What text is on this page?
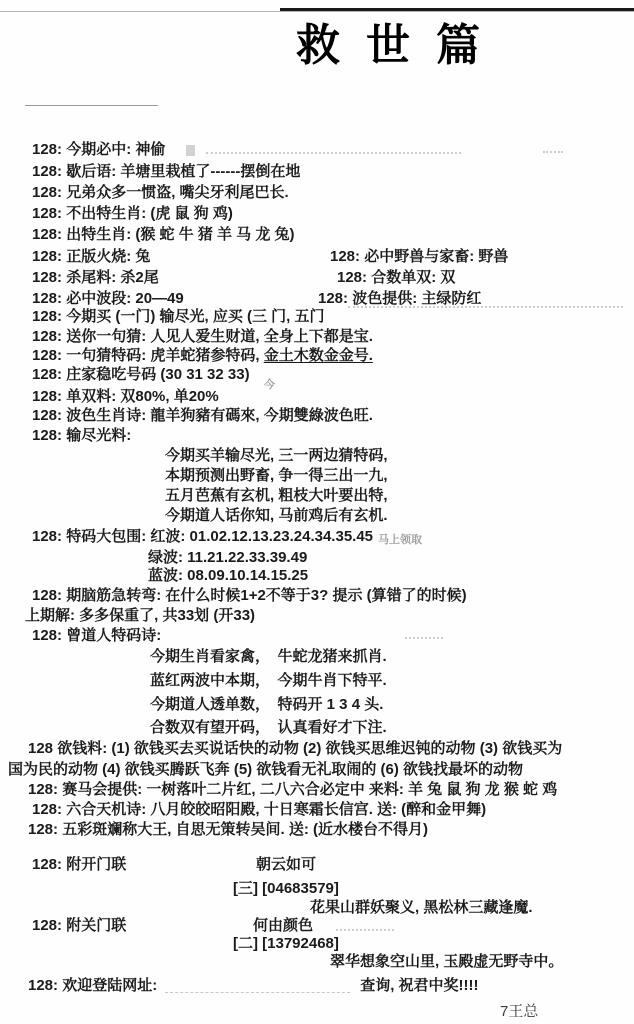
救世篇
128: 今期必中: 神偷
128: 歇后语: 羊塘里栽植了------摆倒在地
128: 兄弟众多一惯盗, 嘴尖牙利尾巴长.
128: 不出特生肖: (虎 鼠 狗 鸡)
128: 出特生肖: (猴 蛇 牛 猪 羊 马 龙 兔)
128: 正版火烧: 兔	128: 必中野兽与家畜: 野兽
128: 杀尾料: 杀2尾	128: 合数单双: 双
128: 必中波段: 20—49	128: 波色提供: 主绿防红
128: 今期买 (一门) 输尽光, 应买 (三 门, 五门
128: 送你一句猜: 人见人爱生财道, 全身上下都是宝.
128: 一句猜特码: 虎羊蛇猪参特码, 金土木数金金号.
128: 庄家稳吃号码 (30 31 32 33)
今
128: 单双料: 双80%, 单20%
128: 波色生肖诗: 龍羊狗豬有碼來, 今期雙綠波色旺.
128: 输尽光料:
今期买羊输尽光, 三一两边猜特码,
本期预测出野畜, 争一得三出一九,
五月芭蕉有玄机, 粗枝大叶要出特,
今期道人话你知, 马前鸡后有玄机.
128: 特码大包围: 红波: 01.02.12.13.23.24.34.35.45 马上领取
绿波: 11.21.22.33.39.49
蓝波: 08.09.10.14.15.25
128: 期脑筋急转弯: 在什么时候1+2不等于3? 提示 (算错了的时候)
上期解: 多多保重了, 共33划 (开33)
128: 曾道人特码诗:
今期生肖看家禽，　牛蛇龙猪来抓肖.
蓝红两波中本期，　今期牛肖下特平.
今期道人透单数，　特码开 1 3 4 头.
合数双有望开码，　认真看好才下注.
128 欲钱料: (1) 欲钱买去买说话快的动物 (2) 欲钱买思维迟钝的动物 (3) 欲钱买为
国为民的动物 (4) 欲钱买腾跃飞奔 (5) 欲钱看无礼取闹的 (6) 欲钱找最坏的动物
128: 赛马会提供: 一树落叶二片红, 二八六合必定中 来料: 羊 兔 鼠 狗 龙 猴 蛇 鸡
128: 六合天机诗: 八月皎皎昭阳殿, 十日寒霜长信宫. 送: (醉和金甲舞)
128: 五彩斑斓称大王, 自思无策转吴间. 送: (近水楼台不得月)
128: 附开门联	朝云如可
[三] [04683579]
花果山群妖聚义, 黑松林三藏逢魔.
128: 附关门联	何由颜色
[二] [13792468]
翠华想象空山里, 玉殿虚无野寺中。
128: 欢迎登陆网址:	查询, 祝君中奖!!!!
7王总
